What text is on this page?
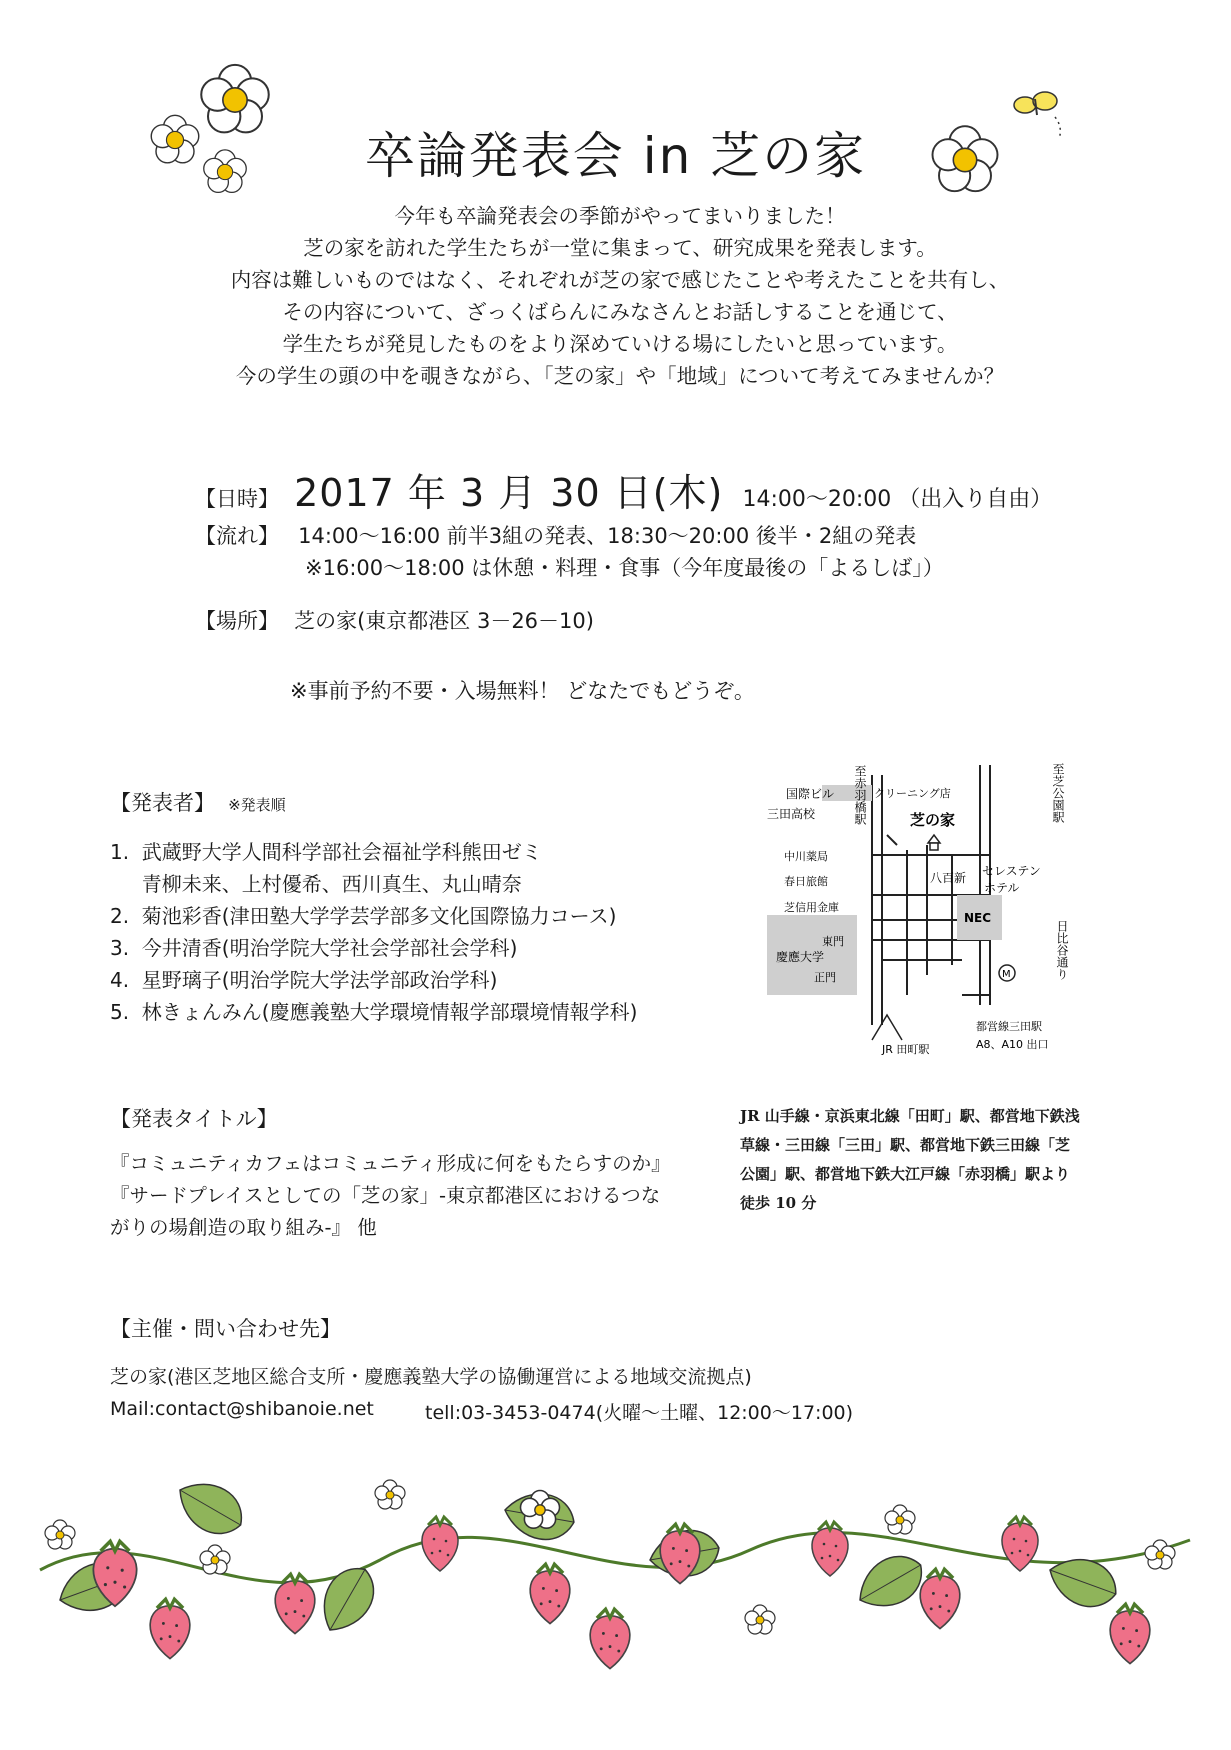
卒論発表会 in 芝の家
今年も卒論発表会の季節がやってまいりました！
芝の家を訪れた学生たちが一堂に集まって、研究成果を発表します。
内容は難しいものではなく、それぞれが芝の家で感じたことや考えたことを共有し、
その内容について、ざっくばらんにみなさんとお話しすることを通じて、
学生たちが発見したものをより深めていける場にしたいと思っています。
今の学生の頭の中を覗きながら、「芝の家」や「地域」について考えてみませんか？
【日時】 2017 年 3 月 30 日(木) 14:00～20:00 （出入り自由）
【流れ】 14:00～16:00 前半3組の発表、18:30～20:00 後半・2組の発表
※16:00～18:00 は休憩・料理・食事（今年度最後の「よるしば」）
【場所】 芝の家(東京都港区 3－26－10)
※事前予約不要・入場無料！ どなたでもどうぞ。
【発表者】 ※発表順
1.  武蔵野大学人間科学部社会福祉学科熊田ゼミ
青柳未来、上村優希、西川真生、丸山晴奈
2.  菊池彩香(津田塾大学学芸学部多文化国際協力コース)
3.  今井清香(明治学院大学社会学部社会学科)
4.  星野璃子(明治学院大学法学部政治学科)
5.  林きょんみん(慶應義塾大学環境情報学部環境情報学科)
M
至赤羽橋駅	至芝公園駅
国際ビル	クリーニング店
三田高校	芝の家
中川薬局
春日旅館
芝信用金庫
八百新 セレステン
ホテル
NEC
東門
慶應大学
正門	日比谷通り
都営線三田駅
A8、A10 出口
JR 田町駅
【発表タイトル】
『コミュニティカフェはコミュニティ形成に何をもたらすのか』
『サードプレイスとしての「芝の家」-東京都港区におけるつな
がりの場創造の取り組み-』 他
JR 山手線・京浜東北線「田町」駅、都営地下鉄浅
草線・三田線「三田」駅、都営地下鉄三田線「芝
公園」駅、都営地下鉄大江戸線「赤羽橋」駅より
徒歩 10 分
【主催・問い合わせ先】
芝の家(港区芝地区総合支所・慶應義塾大学の協働運営による地域交流拠点)
Mail:contact@shibanoie.net	tell:03-3453-0474(火曜～土曜、12:00～17:00)
